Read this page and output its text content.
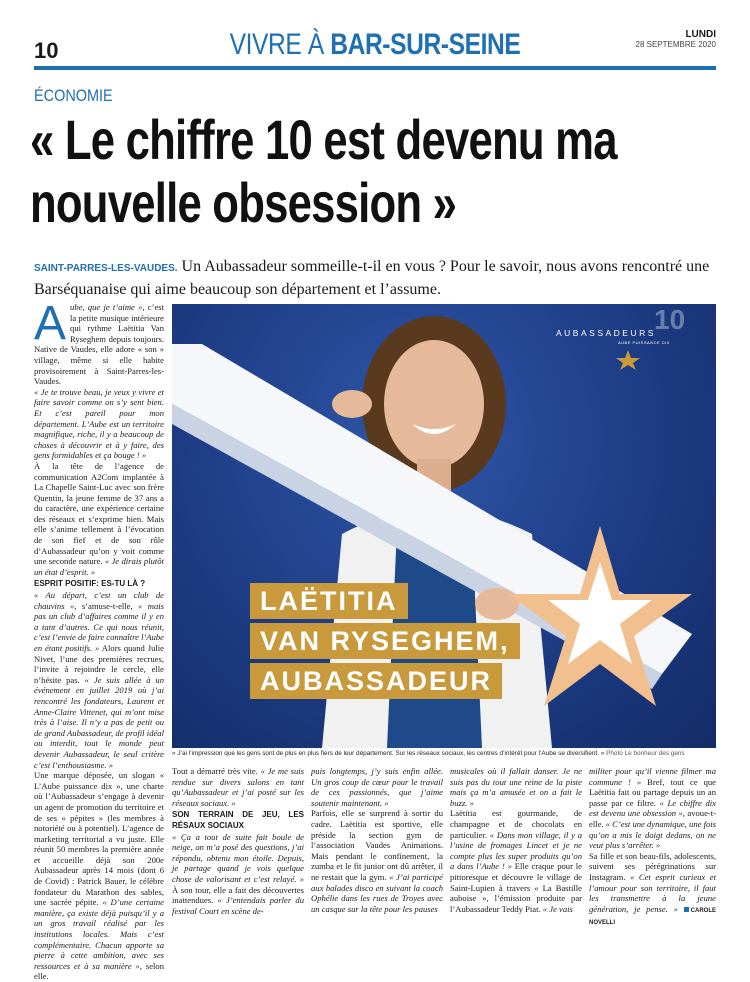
10	VIVRE À BAR-SUR-SEINE	LUNDI
28 SEPTEMBRE 2020
ÉCONOMIE
« Le chiffre 10 est devenu ma nouvelle obsession »

SAINT-PARRES-LES-VAUDES. Un Aubassadeur sommeille-t-il en vous ? Pour le savoir, nous avons rencontré une Barséquanaise qui aime beaucoup son département et l’assume.

Aube, que je t’aime », c’est la petite musique intérieure qui rythme Laëtitia Van Ryseghem depuis toujours. Native de Vaudes, elle adore « son » village, même si elle habite provisoirement à Saint-Parres-les-Vaudes.

« Je te trouve beau, je veux y vivre et faire savoir comme on s’y sent bien. Et c’est pareil pour mon département. L’Aube est un territoire magnifique, riche, il y a beaucoup de choses à découvrir et à y faire, des gens formidables et ça bouge ! »

À la tête de l’agence de communication A2Com implantée à La Chapelle Saint-Luc avec son frère Quentin, la jeune femme de 37 ans a du caractère, une expérience certaine des réseaux et s’exprime bien. Mais elle s’anime tellement à l’évocation de son fief et de son rôle d’Aubassadeur qu’on y voit comme une seconde nature. « Je dirais plutôt un état d’esprit. »

ESPRIT POSITIF: ES-TU LÀ ?

« Au départ, c’est un club de chauvins », s’amuse-t-elle, « mais pas un club d’affaires comme il y en a tant d’autres. Ce qui nous réunit, c’est l’envie de faire connaître l’Aube en étant positifs. » Alors quand Julie Nivet, l’une des premières recrues, l’invite à rejoindre le cercle, elle n’hésite pas. « Je suis allée à un événement en juillet 2019 où j’ai rencontré les fondateurs, Laurent et Anne-Claire Vittenet, qui m’ont mise très à l’aise. Il n’y a pas de petit ou de grand Aubassadeur, de profil idéal ou interdit, tout le monde peut devenir Aubassadeur, le seul critère c’est l’enthousiasme. »

Une marque déposée, un slogan « L’Aube puissance dix », une charte où l’Aubassadeur s’engage à devenir un agent de promotion du territoire et de ses « pépites » (les membres à notoriété ou à potentiel). L’agence de marketing territorial a vu juste. Elle réunit 50 membres la première année et accueille déjà son 200e Aubassadeur après 14 mois (dont 6 de Covid) : Patrick Bauer, le célèbre fondateur du Marathon des sables, une sacrée pépite. « D’une certaine manière, ça existe déjà puisqu’il y a un gros travail réalisé par les institutions locales. Mais c’est complémentaire. Chacun apporte sa pierre à cette ambition, avec ses ressources et à sa manière », selon elle.

AUBASSADEURS
AUBE PUISSANCE DIX
10
LAËTITIA
VAN RYSEGHEM,
AUBASSADEUR

« J’ai l’impression que les gens sont de plus en plus fiers de leur département. Sur les réseaux sociaux, les centres d’intérêt pour l’Aube se diversifient. » Photo Le bonheur des gens

Tout a démarré très vite. « Je me suis rendue sur divers salons en tant qu’Aubassadeur et j’ai posté sur les réseaux sociaux. »

SON TERRAIN DE JEU, LES RÉSAUX SOCIAUX

« Ça a tout de suite fait boule de neige, on m’a posé des questions, j’ai répondu, obtenu mon étoile. Depuis, je partage quand je vois quelque chose de valorisant et c’est relayé. » À son tour, elle a fait des découvertes inattendues. « J’entendais parler du festival Court en scène de-

puis longtemps, j’y suis enfin allée. Un gros coup de cœur pour le travail de ces passionnés, que j’aime soutenir maintenant. »

Parfois, elle se surprend à sortir du cadre. Laëtitia est sportive, elle préside la section gym de l’association Vaudes Animations. Mais pendant le confinement, la zumba et le fit junior ont dû arrêter, il ne restait que la gym. « J’ai participé aux balades disco en suivant la coach Ophélie dans les rues de Troyes avec un casque sur la tête pour les pauses

musicales où il fallait danser. Je ne suis pas du tout une reine de la piste mais ça m’a amusée et on a fait le buzz. »

Laëtitia est gourmande, de champagne et de chocolats en particulier. « Dans mon village, il y a l’usine de fromages Lincet et je ne compte plus les super produits qu’on a dans l’Aube ! » Elle craque pour le pittoresque et découvre le village de Saint-Lupien à travers « La Bastille auboise », l’émission produite par l’Aubassadeur Teddy Piat. « Je vais

militer pour qu’il vienne filmer ma commune ! » Bref, tout ce que Laëtitia fait ou partage depuis un an passe par ce filtre. « Le chiffre dix est devenu une obsession », avoue-t-elle. « C’est une dynamique, une fois qu’on a mis le doigt dedans, on ne veut plus s’arrêter. »

Sa fille et son beau-fils, adolescents, suivent ses pérégrinations sur Instagram. « Cet esprit curieux et l’amour pour son territoire, il faut les transmettre à la jeune génération, je pense. » CAROLE NOVELLI
